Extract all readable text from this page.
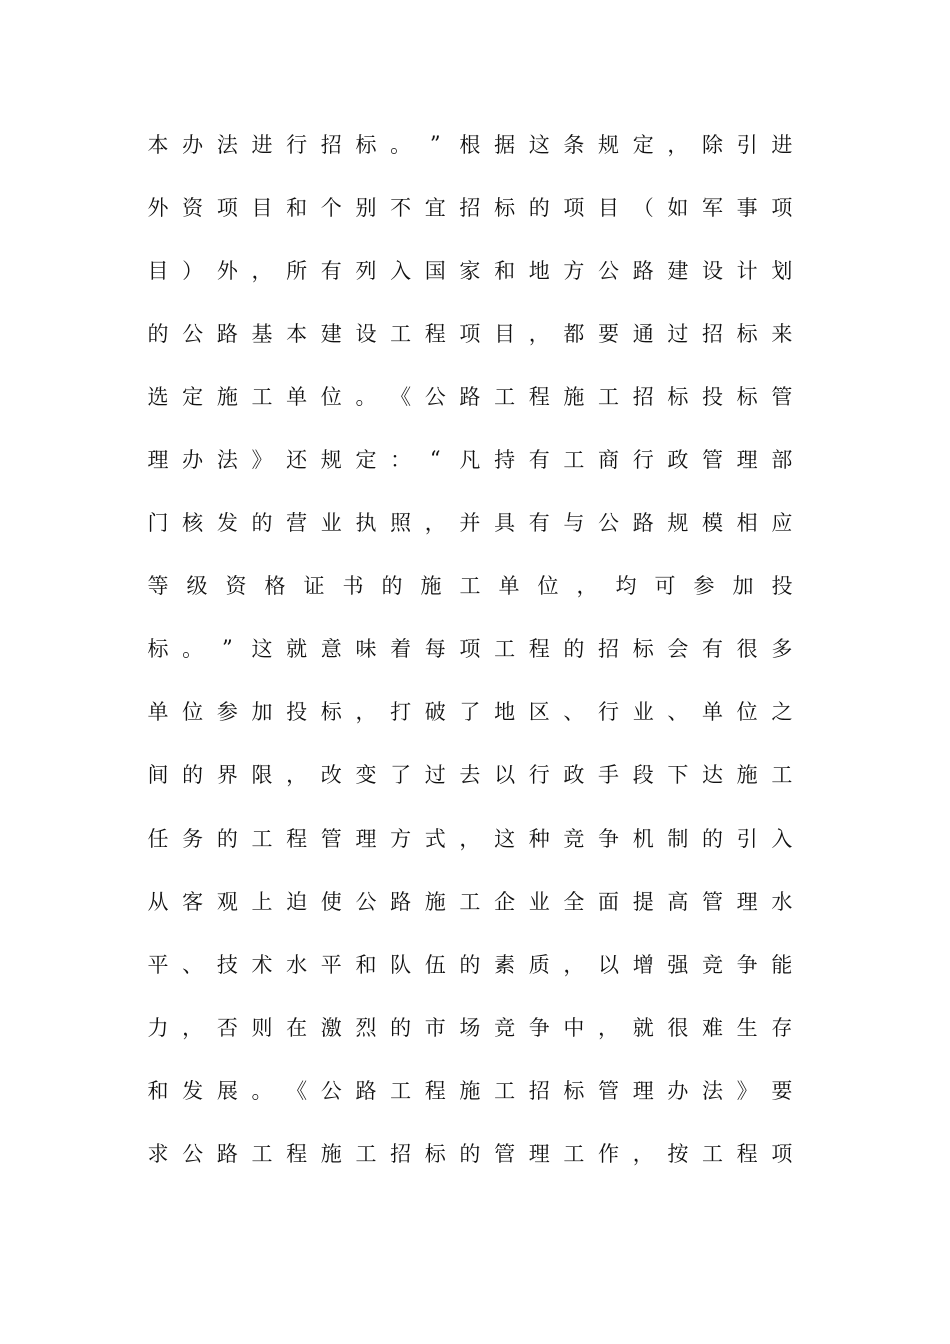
本 办 法 进 行 招 标 。 ” 根 据 这 条 规 定 ， 除 引 进
外 资 项 目 和 个 别 不 宜 招 标 的 项 目 （ 如 军 事 项
目 ） 外 ， 所 有 列 入 国 家 和 地 方 公 路 建 设 计 划
的 公 路 基 本 建 设 工 程 项 目 ， 都 要 通 过 招 标 来
选 定 施 工 单 位 。 《 公 路 工 程 施 工 招 标 投 标 管
理 办 法 》 还 规 定 ： “ 凡 持 有 工 商 行 政 管 理 部
门 核 发 的 营 业 执 照 ， 并 具 有 与 公 路 规 模 相 应
等 级 资 格 证 书 的 施 工 单 位 ， 均 可 参 加 投
标 。 ” 这 就 意 味 着 每 项 工 程 的 招 标 会 有 很 多
单 位 参 加 投 标 ， 打 破 了 地 区 、 行 业 、 单 位 之
间 的 界 限 ， 改 变 了 过 去 以 行 政 手 段 下 达 施 工
任 务 的 工 程 管 理 方 式 ， 这 种 竞 争 机 制 的 引 入
从 客 观 上 迫 使 公 路 施 工 企 业 全 面 提 高 管 理 水
平 、 技 术 水 平 和 队 伍 的 素 质 ， 以 增 强 竞 争 能
力 ， 否 则 在 激 烈 的 市 场 竞 争 中 ， 就 很 难 生 存
和 发 展 。 《 公 路 工 程 施 工 招 标 管 理 办 法 》 要
求 公 路 工 程 施 工 招 标 的 管 理 工 作 ， 按 工 程 项
